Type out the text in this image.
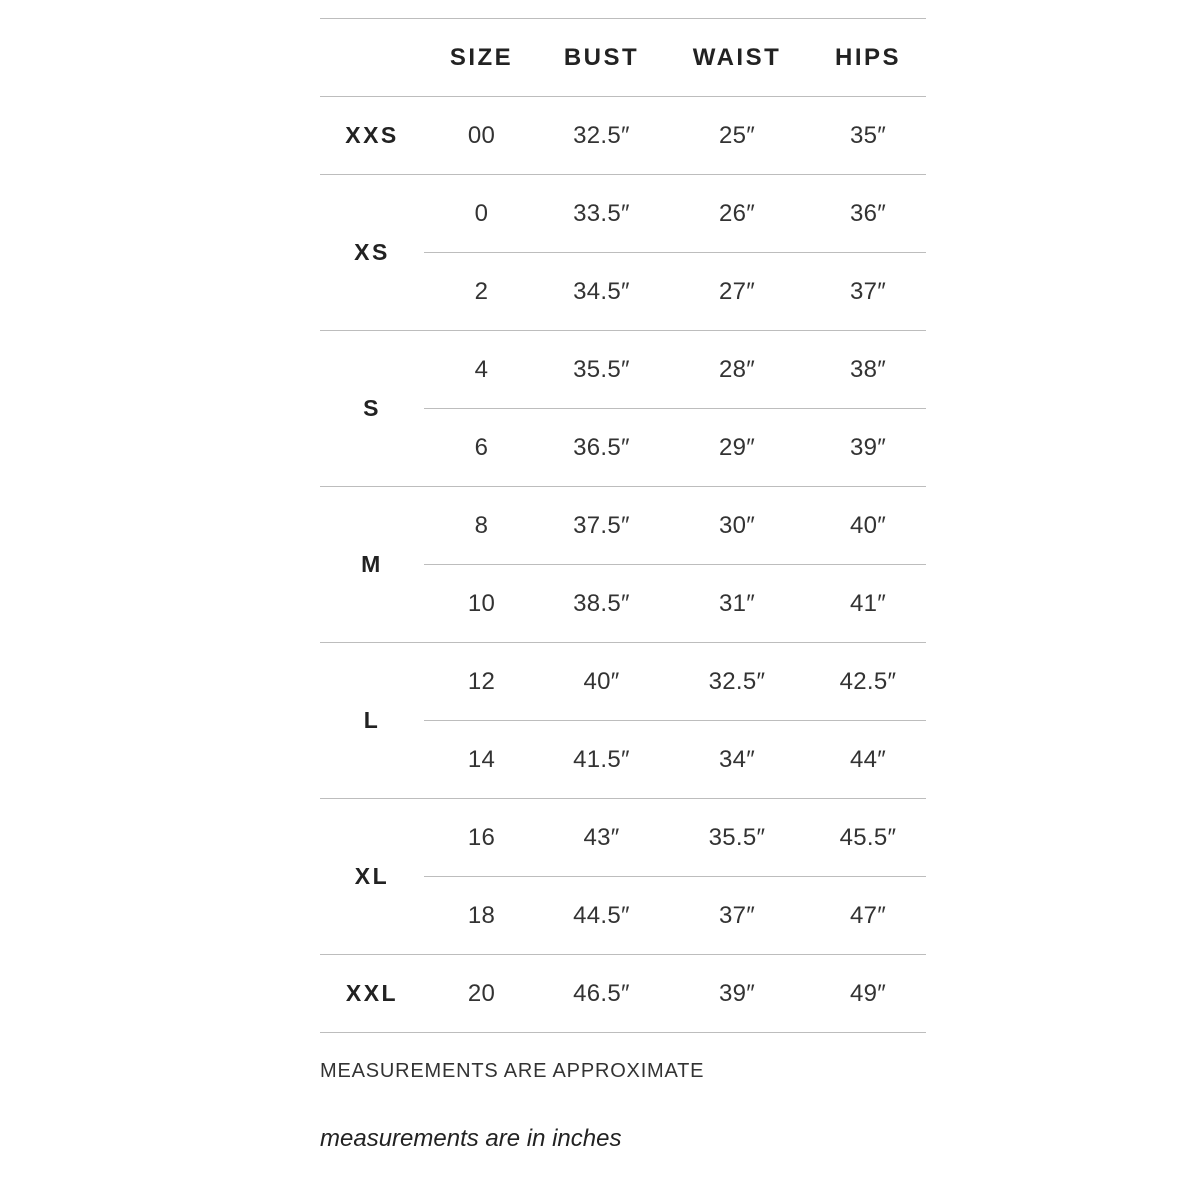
	SIZE	BUST	WAIST	HIPS
XXS	00	32.5″	25″	35″
XS	0	33.5″	26″	36″
	2	34.5″	27″	37″
S	4	35.5″	28″	38″
	6	36.5″	29″	39″
M	8	37.5″	30″	40″
	10	38.5″	31″	41″
L	12	40″	32.5″	42.5″
	14	41.5″	34″	44″
XL	16	43″	35.5″	45.5″
	18	44.5″	37″	47″
XXL	20	46.5″	39″	49″
MEASUREMENTS ARE APPROXIMATE
measurements are in inches
